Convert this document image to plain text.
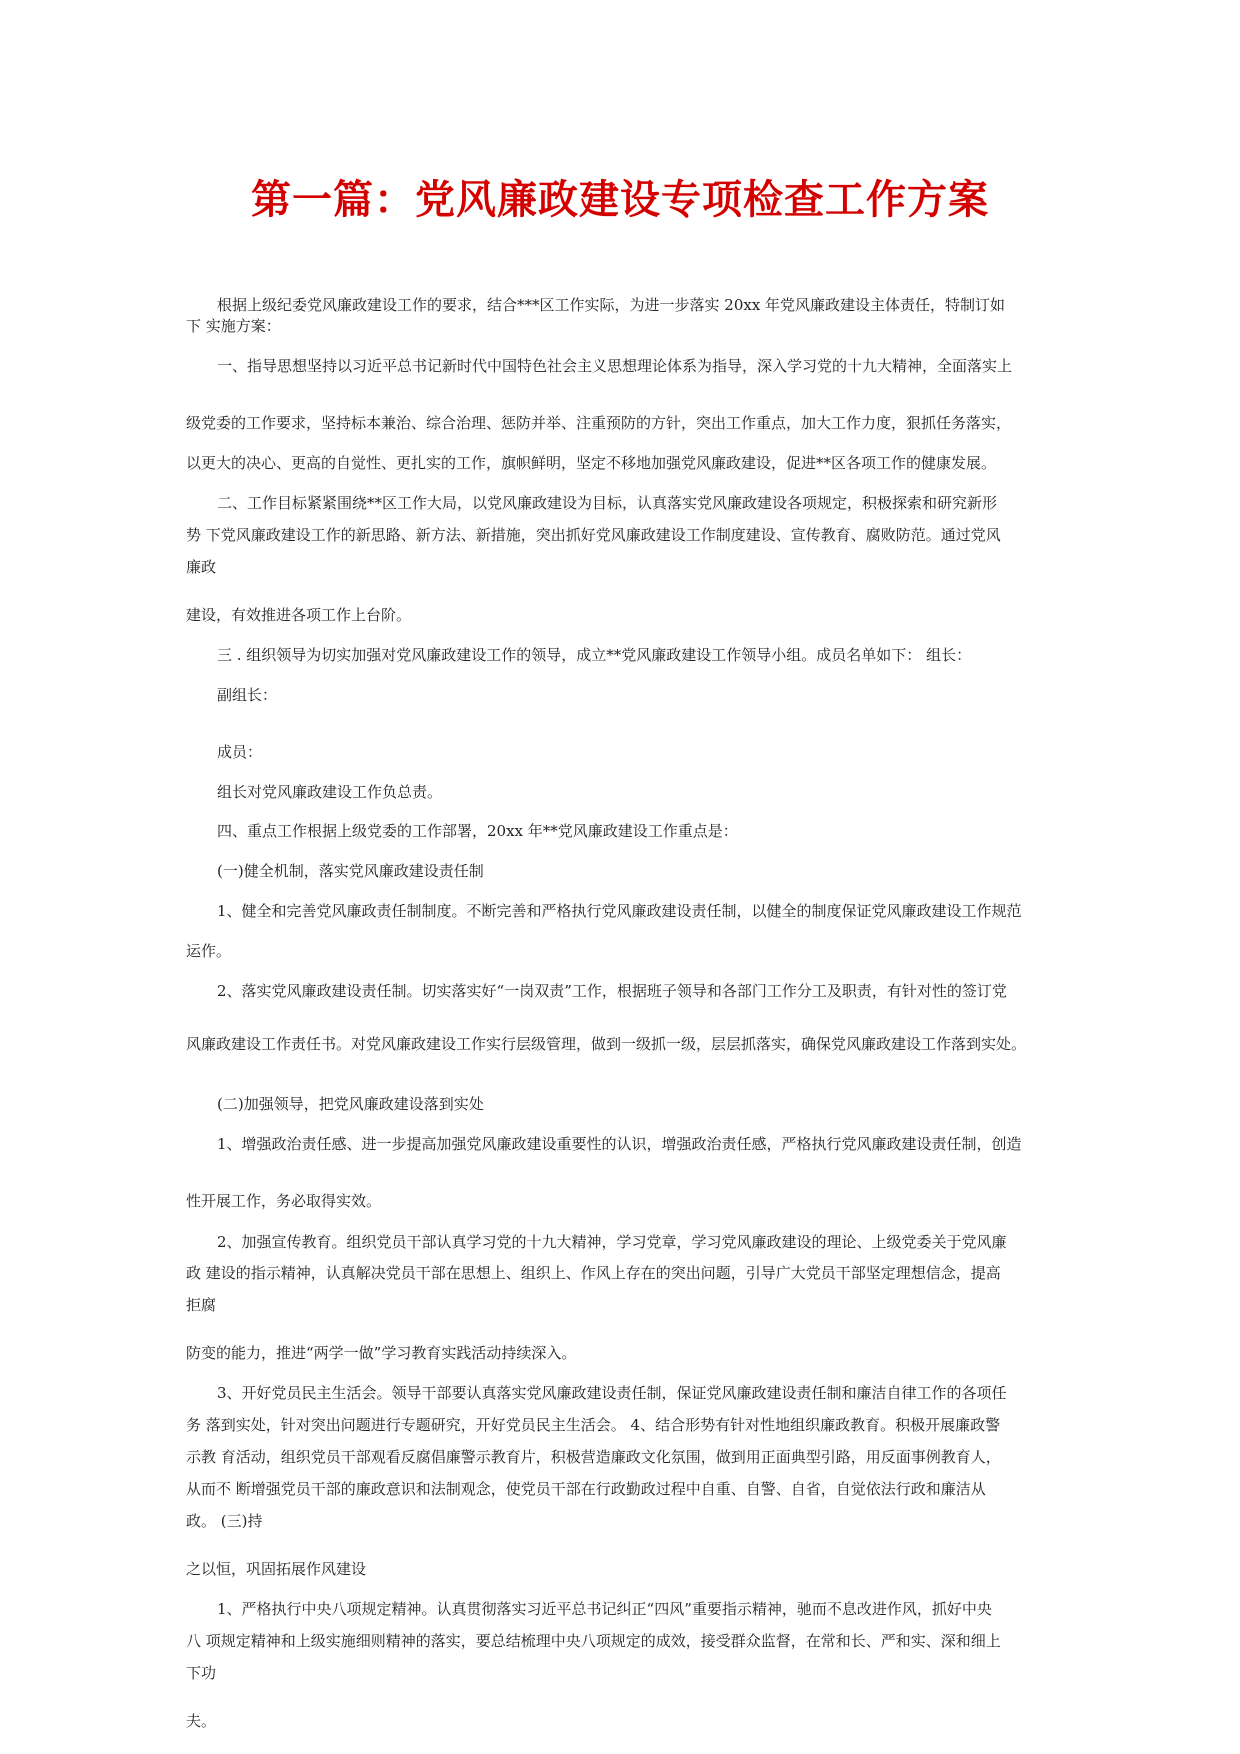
第一篇：党风廉政建设专项检查工作方案
根据上级纪委党风廉政建设工作的要求，结合***区工作实际，为进一步落实 20xx 年党风廉政建设主体责任，特制订如
下 实施方案：
一、指导思想坚持以习近平总书记新时代中国特色社会主义思想理论体系为指导，深入学习党的十九大精神，全面落实上
级党委的工作要求，坚持标本兼治、综合治理、惩防并举、注重预防的方针，突出工作重点，加大工作力度，狠抓任务落实，
以更大的决心、更高的自觉性、更扎实的工作，旗帜鲜明，坚定不移地加强党风廉政建设，促进**区各项工作的健康发展。
二、工作目标紧紧围绕**区工作大局，以党风廉政建设为目标，认真落实党风廉政建设各项规定，积极探索和研究新形
势 下党风廉政建设工作的新思路、新方法、新措施，突出抓好党风廉政建设工作制度建设、宣传教育、腐败防范。通过党风
廉政
建设，有效推进各项工作上台阶。
三 . 组织领导为切实加强对党风廉政建设工作的领导，成立**党风廉政建设工作领导小组。成员名单如下： 组长：
副组长：
成员：
组长对党风廉政建设工作负总责。
四、重点工作根据上级党委的工作部署，20xx 年**党风廉政建设工作重点是：
(一)健全机制，落实党风廉政建设责任制
1、健全和完善党风廉政责任制制度。不断完善和严格执行党风廉政建设责任制，以健全的制度保证党风廉政建设工作规范
运作。
2、落实党风廉政建设责任制。切实落实好“一岗双责”工作，根据班子领导和各部门工作分工及职责，有针对性的签订党
风廉政建设工作责任书。对党风廉政建设工作实行层级管理，做到一级抓一级，层层抓落实，确保党风廉政建设工作落到实处。
(二)加强领导，把党风廉政建设落到实处
1、增强政治责任感、进一步提高加强党风廉政建设重要性的认识，增强政治责任感，严格执行党风廉政建设责任制，创造
性开展工作，务必取得实效。
2、加强宣传教育。组织党员干部认真学习党的十九大精神，学习党章，学习党风廉政建设的理论、上级党委关于党风廉
政 建设的指示精神，认真解决党员干部在思想上、组织上、作风上存在的突出问题，引导广大党员干部坚定理想信念，提高
拒腐
防变的能力，推进“两学一做”学习教育实践活动持续深入。
3、开好党员民主生活会。领导干部要认真落实党风廉政建设责任制，保证党风廉政建设责任制和廉洁自律工作的各项任
务 落到实处，针对突出问题进行专题研究，开好党员民主生活会。 4、结合形势有针对性地组织廉政教育。积极开展廉政警
示教 育活动，组织党员干部观看反腐倡廉警示教育片，积极营造廉政文化氛围，做到用正面典型引路，用反面事例教育人，
从而不 断增强党员干部的廉政意识和法制观念，使党员干部在行政勤政过程中自重、自警、自省，自觉依法行政和廉洁从
政。 (三)持
之以恒，巩固拓展作风建设
1、严格执行中央八项规定精神。认真贯彻落实习近平总书记纠正“四风”重要指示精神，驰而不息改进作风，抓好中央
八 项规定精神和上级实施细则精神的落实，要总结梳理中央八项规定的成效，接受群众监督，在常和长、严和实、深和细上
下功
夫。
